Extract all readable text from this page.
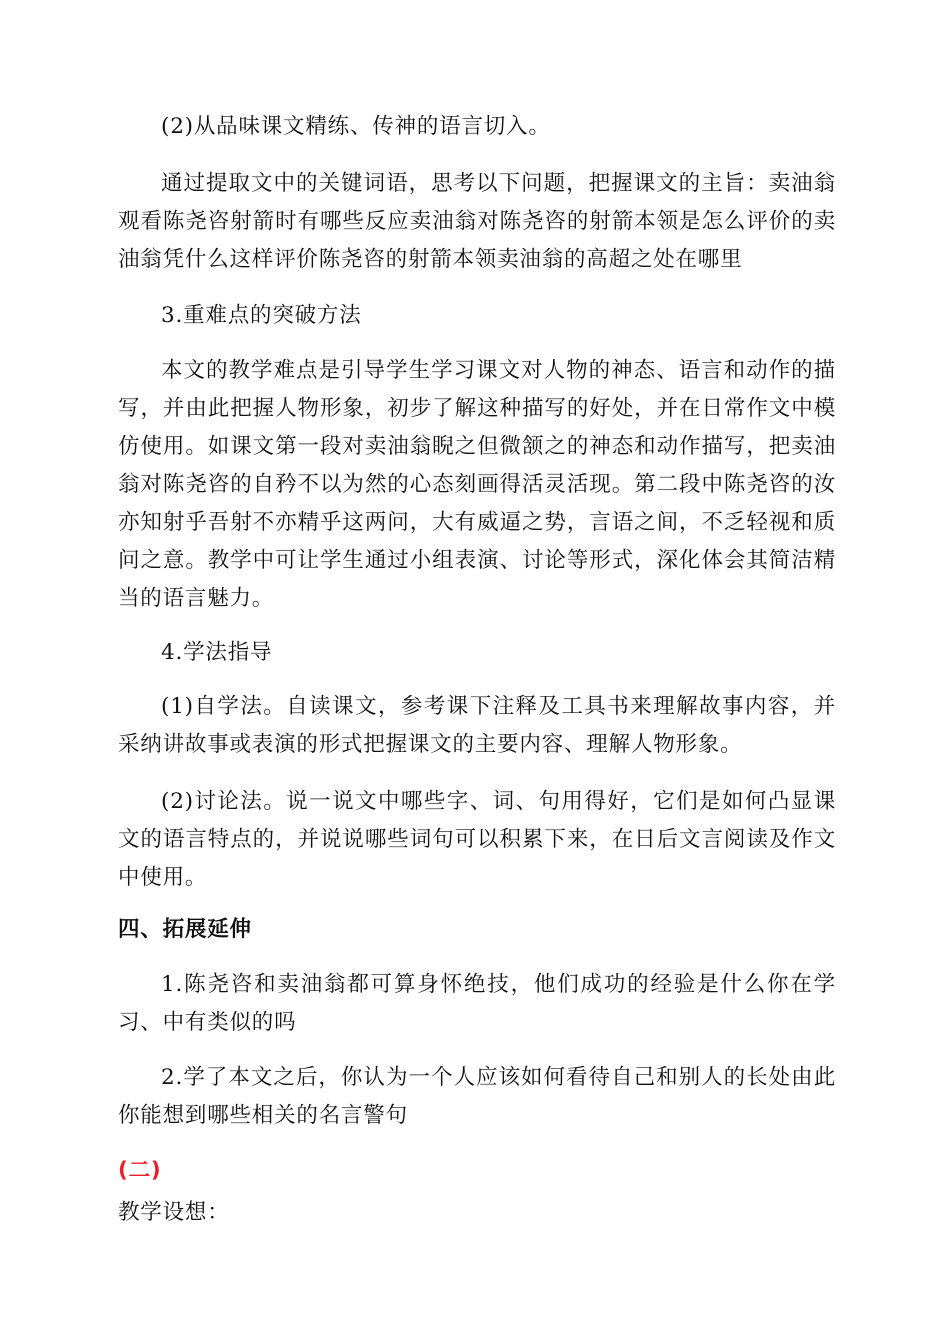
(2)从品味课文精练、传神的语言切入。

通过提取文中的关键词语，思考以下问题，把握课文的主旨：卖油翁观看陈尧咨射箭时有哪些反应卖油翁对陈尧咨的射箭本领是怎么评价的卖油翁凭什么这样评价陈尧咨的射箭本领卖油翁的高超之处在哪里

3.重难点的突破方法

本文的教学难点是引导学生学习课文对人物的神态、语言和动作的描写，并由此把握人物形象，初步了解这种描写的好处，并在日常作文中模仿使用。如课文第一段对卖油翁睨之但微颔之的神态和动作描写，把卖油翁对陈尧咨的自矜不以为然的心态刻画得活灵活现。第二段中陈尧咨的汝亦知射乎吾射不亦精乎这两问，大有威逼之势，言语之间，不乏轻视和质问之意。教学中可让学生通过小组表演、讨论等形式，深化体会其简洁精当的语言魅力。

4.学法指导

(1)自学法。自读课文，参考课下注释及工具书来理解故事内容，并采纳讲故事或表演的形式把握课文的主要内容、理解人物形象。

(2)讨论法。说一说文中哪些字、词、句用得好，它们是如何凸显课文的语言特点的，并说说哪些词句可以积累下来，在日后文言阅读及作文中使用。

四、拓展延伸

1.陈尧咨和卖油翁都可算身怀绝技，他们成功的经验是什么你在学习、中有类似的吗

2.学了本文之后，你认为一个人应该如何看待自己和别人的长处由此你能想到哪些相关的名言警句

(二)

教学设想：
